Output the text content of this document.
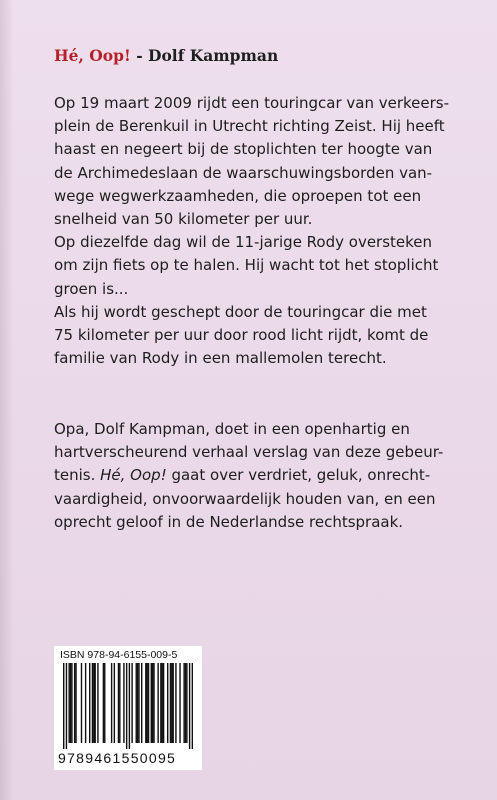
Hé, Oop! - Dolf Kampman

Op 19 maart 2009 rijdt een touringcar van verkeers-
plein de Berenkuil in Utrecht richting Zeist. Hij heeft
haast en negeert bij de stoplichten ter hoogte van
de Archimedeslaan de waarschuwingsborden van-
wege wegwerkzaamheden, die oproepen tot een
snelheid van 50 kilometer per uur.

Op diezelfde dag wil de 11-jarige Rody oversteken
om zijn fiets op te halen. Hij wacht tot het stoplicht
groen is...

Als hij wordt geschept door de touringcar die met
75 kilometer per uur door rood licht rijdt, komt de
familie van Rody in een mallemolen terecht.

Opa, Dolf Kampman, doet in een openhartig en
hartverscheurend verhaal verslag van deze gebeur-
tenis. Hé, Oop! gaat over verdriet, geluk, onrecht-
vaardigheid, onvoorwaardelijk houden van, en een
oprecht geloof in de Nederlandse rechtspraak.

ISBN 978-94-6155-009-5
9789461550095
